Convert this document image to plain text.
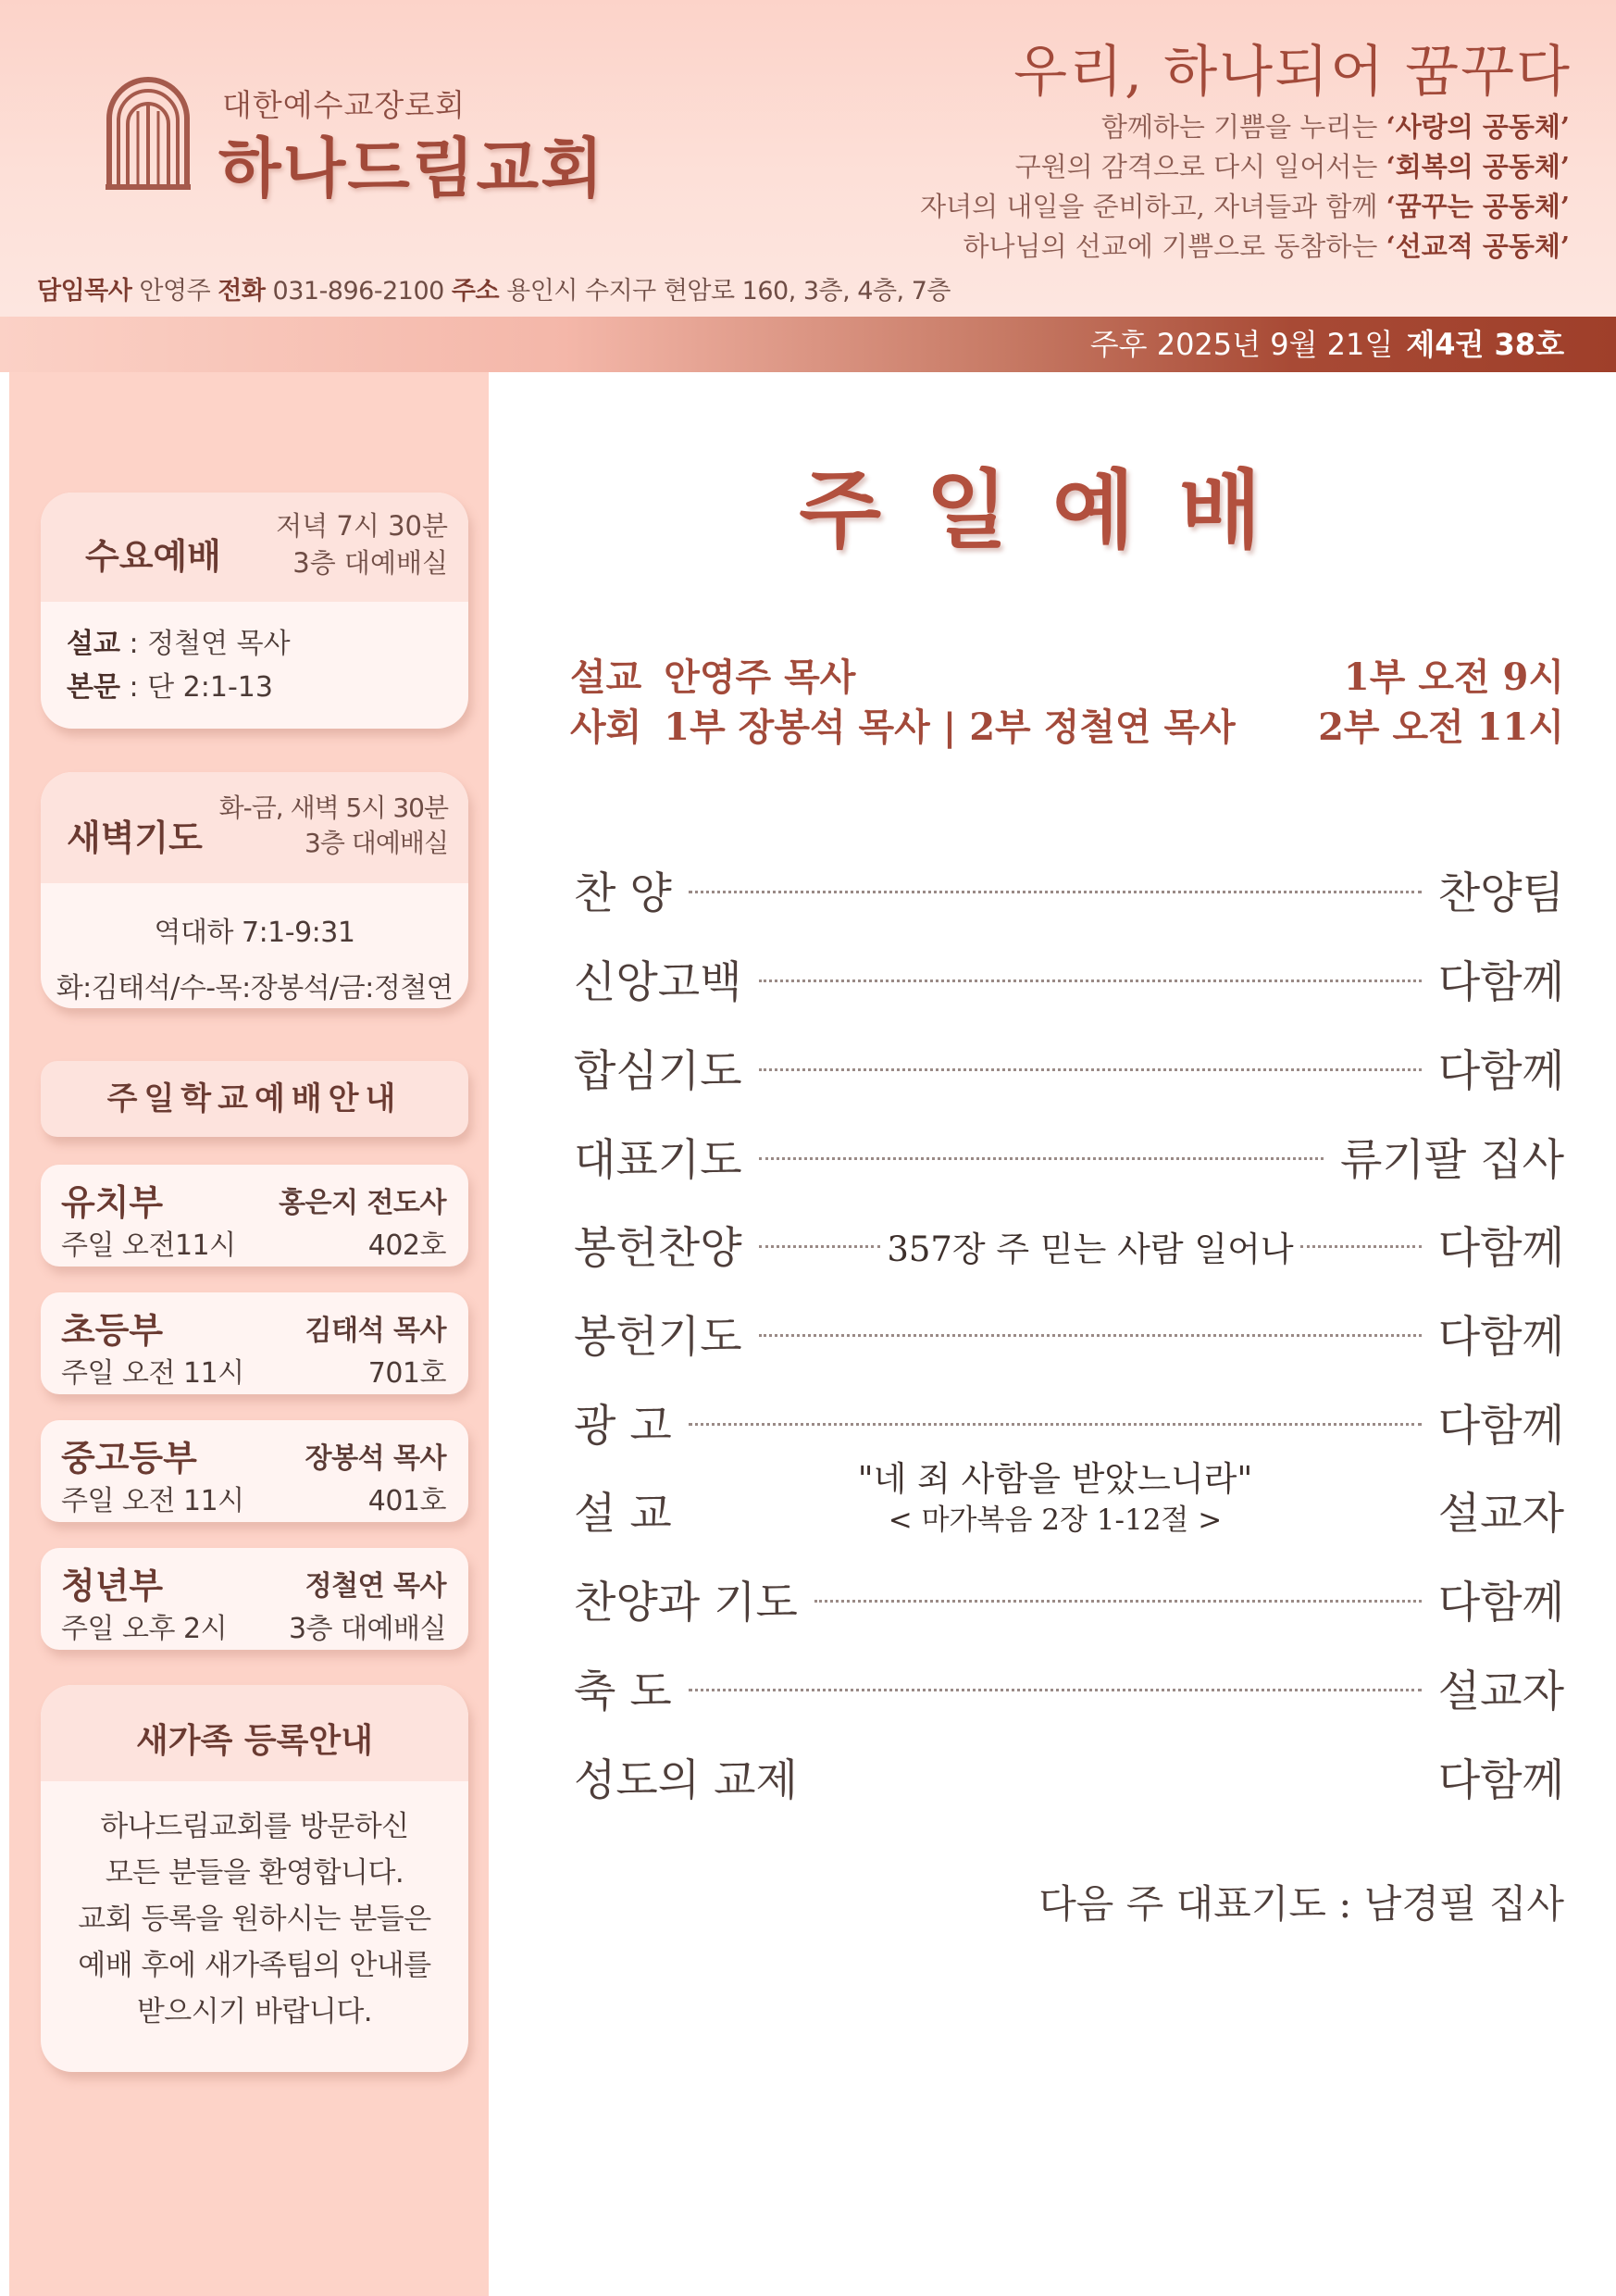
대한예수교장로회
하나드림교회
우리, 하나되어 꿈꾸다
함께하는 기쁨을 누리는 ‘사랑의 공동체’
구원의 감격으로 다시 일어서는 ‘회복의 공동체’
자녀의 내일을 준비하고, 자녀들과 함께 ‘꿈꾸는 공동체’
하나님의 선교에 기쁨으로 동참하는 ‘선교적 공동체’
담임목사 안영주 전화 031-896-2100 주소 용인시 수지구 현암로 160, 3층, 4층, 7층
주후 2025년 9월 21일 제4권 38호
수요예배
저녁 7시 30분
3층 대예배실
설교 : 정철연 목사
본문 : 단 2:1-13
새벽기도
화-금, 새벽 5시 30분
3층 대예배실
역대하 7:1-9:31
화:김태석/수-목:장봉석/금:정철연
주일학교예배안내
유치부
주일 오전11시
홍은지 전도사
402호
초등부
주일 오전 11시
김태석 목사
701호
중고등부
주일 오전 11시
장봉석 목사
401호
청년부
주일 오후 2시
정철연 목사
3층 대예배실
새가족 등록안내
하나드림교회를 방문하신
모든 분들을 환영합니다.
교회 등록을 원하시는 분들은
예배 후에 새가족팀의 안내를
받으시기 바랍니다.
주일예배
설교 안영주 목사	1부 오전 9시
사회 1부 장봉석 목사 | 2부 정철연 목사 2부 오전 11시
찬 양	찬양팀
신앙고백	다함께
합심기도	다함께
대표기도	류기팔 집사
봉헌찬양	다함께
357장 주 믿는 사람 일어나
봉헌기도	다함께
광 고	다함께
설 교	설교자
"네 죄 사함을 받았느니라"
< 마가복음 2장 1-12절 >
찬양과 기도	다함께
축 도	설교자
성도의 교제	다함께
다음 주 대표기도 : 남경필 집사
